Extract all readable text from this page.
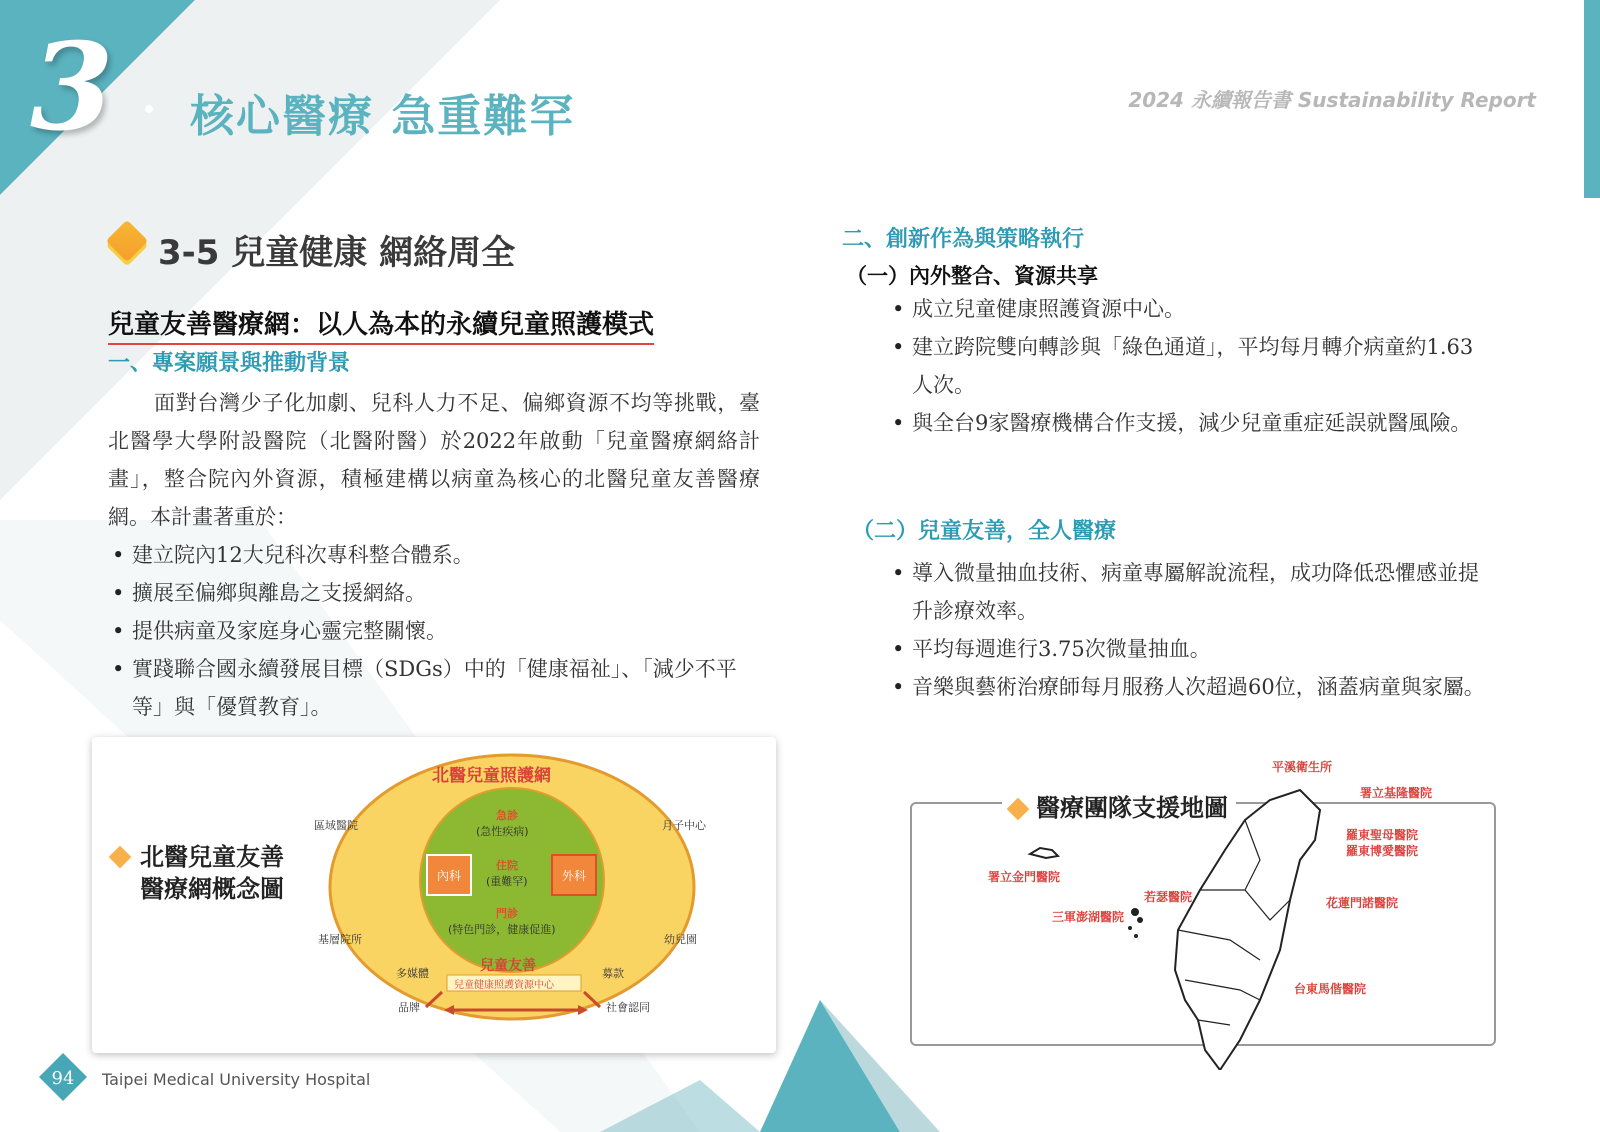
3 核心醫療 急重難罕	2024 永續報告書 Sustainability Report
3-5 兒童健康 網絡周全
兒童友善醫療網：以人為本的永續兒童照護模式
一、專案願景與推動背景
面對台灣少子化加劇、兒科人力不足、偏鄉資源不均等挑戰，臺北醫學大學附設醫院（北醫附醫）於2022年啟動「兒童醫療網絡計畫」，整合院內外資源，積極建構以病童為核心的北醫兒童友善醫療網。本計畫著重於：
• 建立院內12大兒科次專科整合體系。
• 擴展至偏鄉與離島之支援網絡。
• 提供病童及家庭身心靈完整關懷。
• 實踐聯合國永續發展目標（SDGs）中的「健康福祉」、「減少不平等」與「優質教育」。
北醫兒童友善
醫療網概念圖
北醫兒童照護網
急診
(急性疾病)
住院
(重難罕)
門診
(特色門診，健康促進)
內科	外科
區域醫院	月子中心
基層院所	幼兒園
兒童友善
兒童健康照護資源中心
多媒體	募款
品牌	社會認同
二、創新作為與策略執行
（一）內外整合、資源共享
• 成立兒童健康照護資源中心。
• 建立跨院雙向轉診與「綠色通道」，平均每月轉介病童約1.63人次。
• 與全台9家醫療機構合作支援，減少兒童重症延誤就醫風險。
（二）兒童友善，全人醫療
• 導入微量抽血技術、病童專屬解說流程，成功降低恐懼感並提升診療效率。
• 平均每週進行3.75次微量抽血。
• 音樂與藝術治療師每月服務人次超過60位，涵蓋病童與家屬。
醫療團隊支援地圖
平溪衛生所
署立基隆醫院
羅東聖母醫院
羅東博愛醫院
署立金門醫院
若瑟醫院
三軍澎湖醫院
花蓮門諾醫院
台東馬偕醫院
94	Taipei Medical University Hospital
